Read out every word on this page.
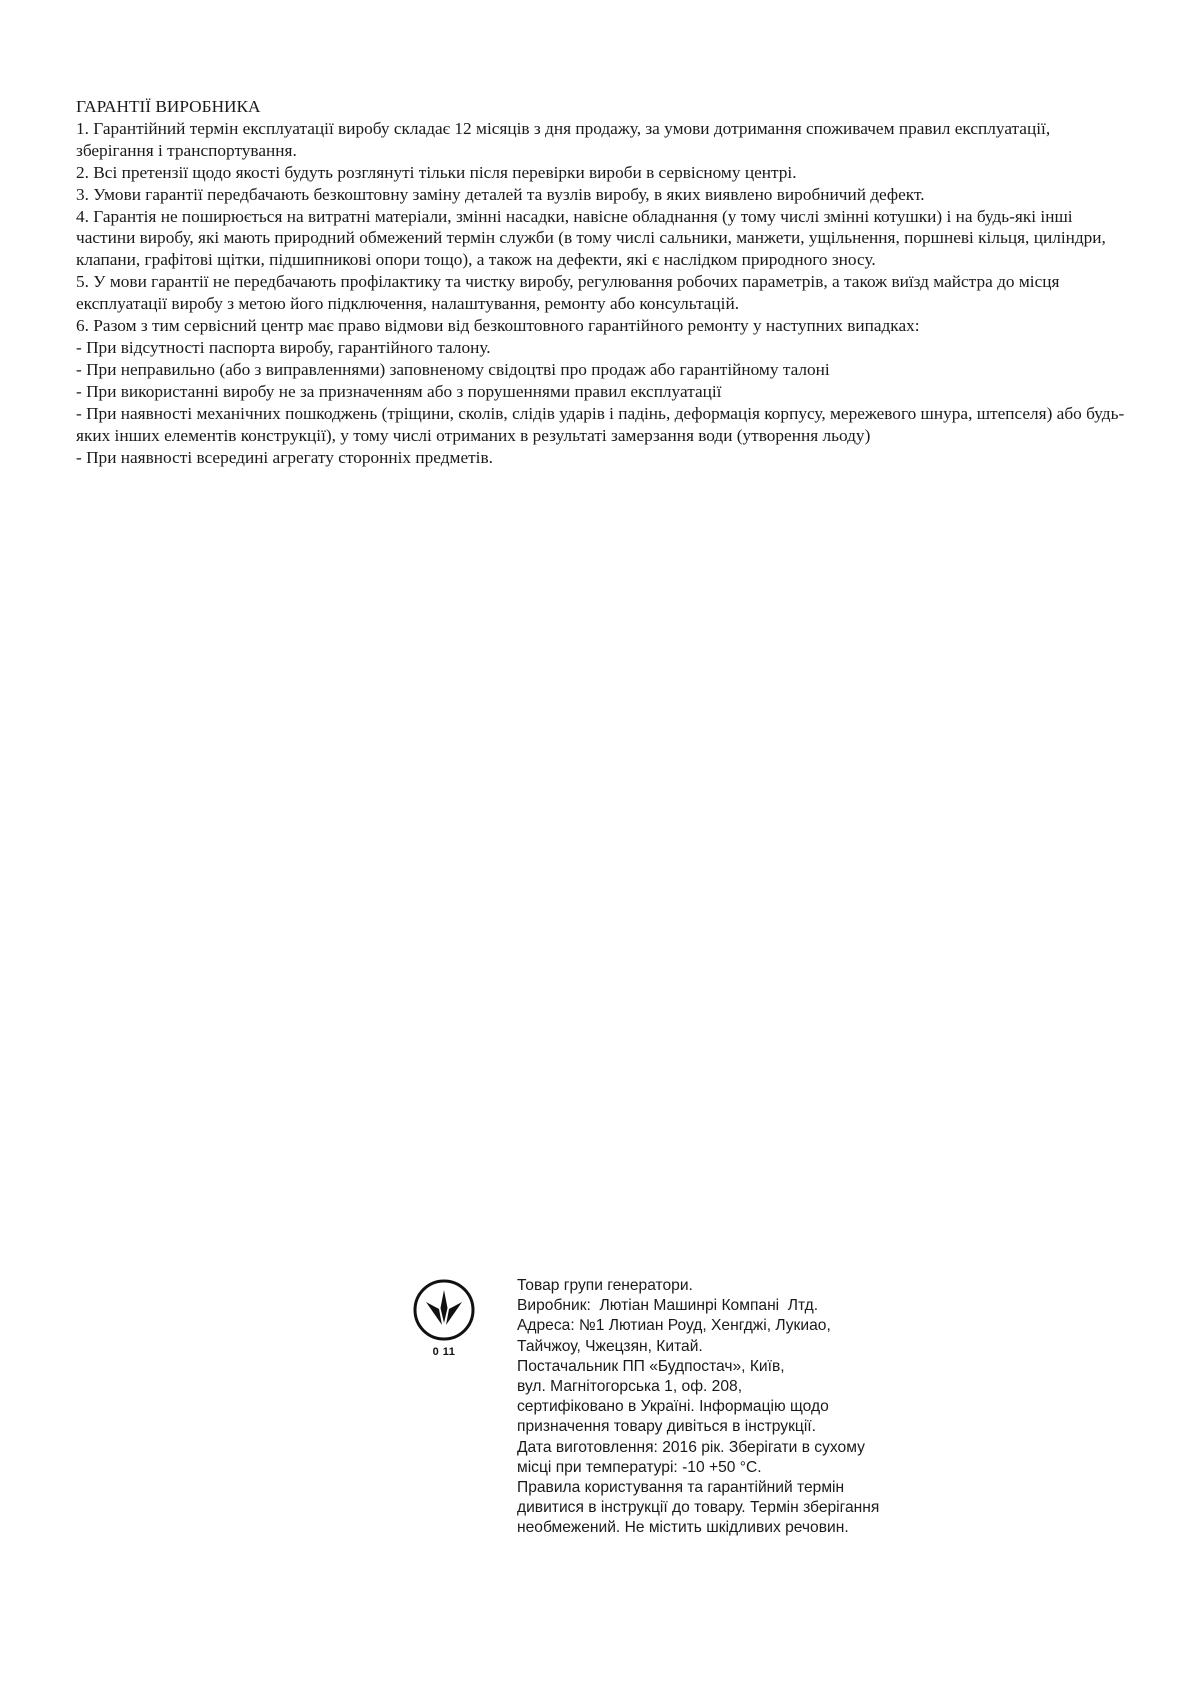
ГАРАНТІЇ ВИРОБНИКА

1. Гарантійний термін експлуатації виробу складає 12 місяців з дня продажу, за умови дотримання споживачем правил експлуатації, зберігання і транспортування.

2. Всі претензії щодо якості будуть розглянуті тільки після перевірки вироби в сервісному центрі.

3. Умови гарантії передбачають безкоштовну заміну деталей та вузлів виробу, в яких виявлено виробничий дефект.

4. Гарантія не поширюється на витратні матеріали, змінні насадки, навісне обладнання (у тому числі змінні котушки) і на будь-які інші частини виробу, які мають природний обмежений термін служби (в тому числі сальники, манжети, ущільнення, поршневі кільця, циліндри, клапани, графітові щітки, підшипникові опори тощо), а також на дефекти, які є наслідком природного зносу.

5. У мови гарантії не передбачають профілактику та чистку виробу, регулювання робочих параметрів, а також виїзд майстра до місця експлуатації виробу з метою його підключення, налаштування, ремонту або консультацій.

6. Разом з тим сервісний центр має право відмови від безкоштовного гарантійного ремонту у наступних випадках:

- При відсутності паспорта виробу, гарантійного талону.

- При неправильно (або з виправленнями) заповненому свідоцтві про продаж або гарантійному талоні

- При використанні виробу не за призначенням або з порушеннями правил експлуатації

- При наявності механічних пошкоджень (тріщини, сколів, слідів ударів і падінь, деформація корпусу, мережевого шнура, штепселя) або будь-яких інших елементів конструкції), у тому числі отриманих в результаті замерзання води (утворення льоду)

- При наявності всередині агрегату сторонніх предметів.

0 11

Товар групи генератори.

Виробник:  Лютіан Машинрі Компані  Лтд.

Адреса: №1 Лютиан Роуд, Хенгджі, Лукиао,

Тайчжоу, Чжецзян, Китай.

Постачальник ПП «Будпостач», Київ,

вул. Магнітогорська 1, оф. 208,

сертифіковано в Україні. Інформацію щодо

призначення товару дивіться в інструкції.

Дата виготовлення: 2016 рік. Зберігати в сухому

місці при температурі: -10 +50 °С.

Правила користування та гарантійний термін

дивитися в інструкції до товару. Термін зберігання

необмежений. Не містить шкідливих речовин.
